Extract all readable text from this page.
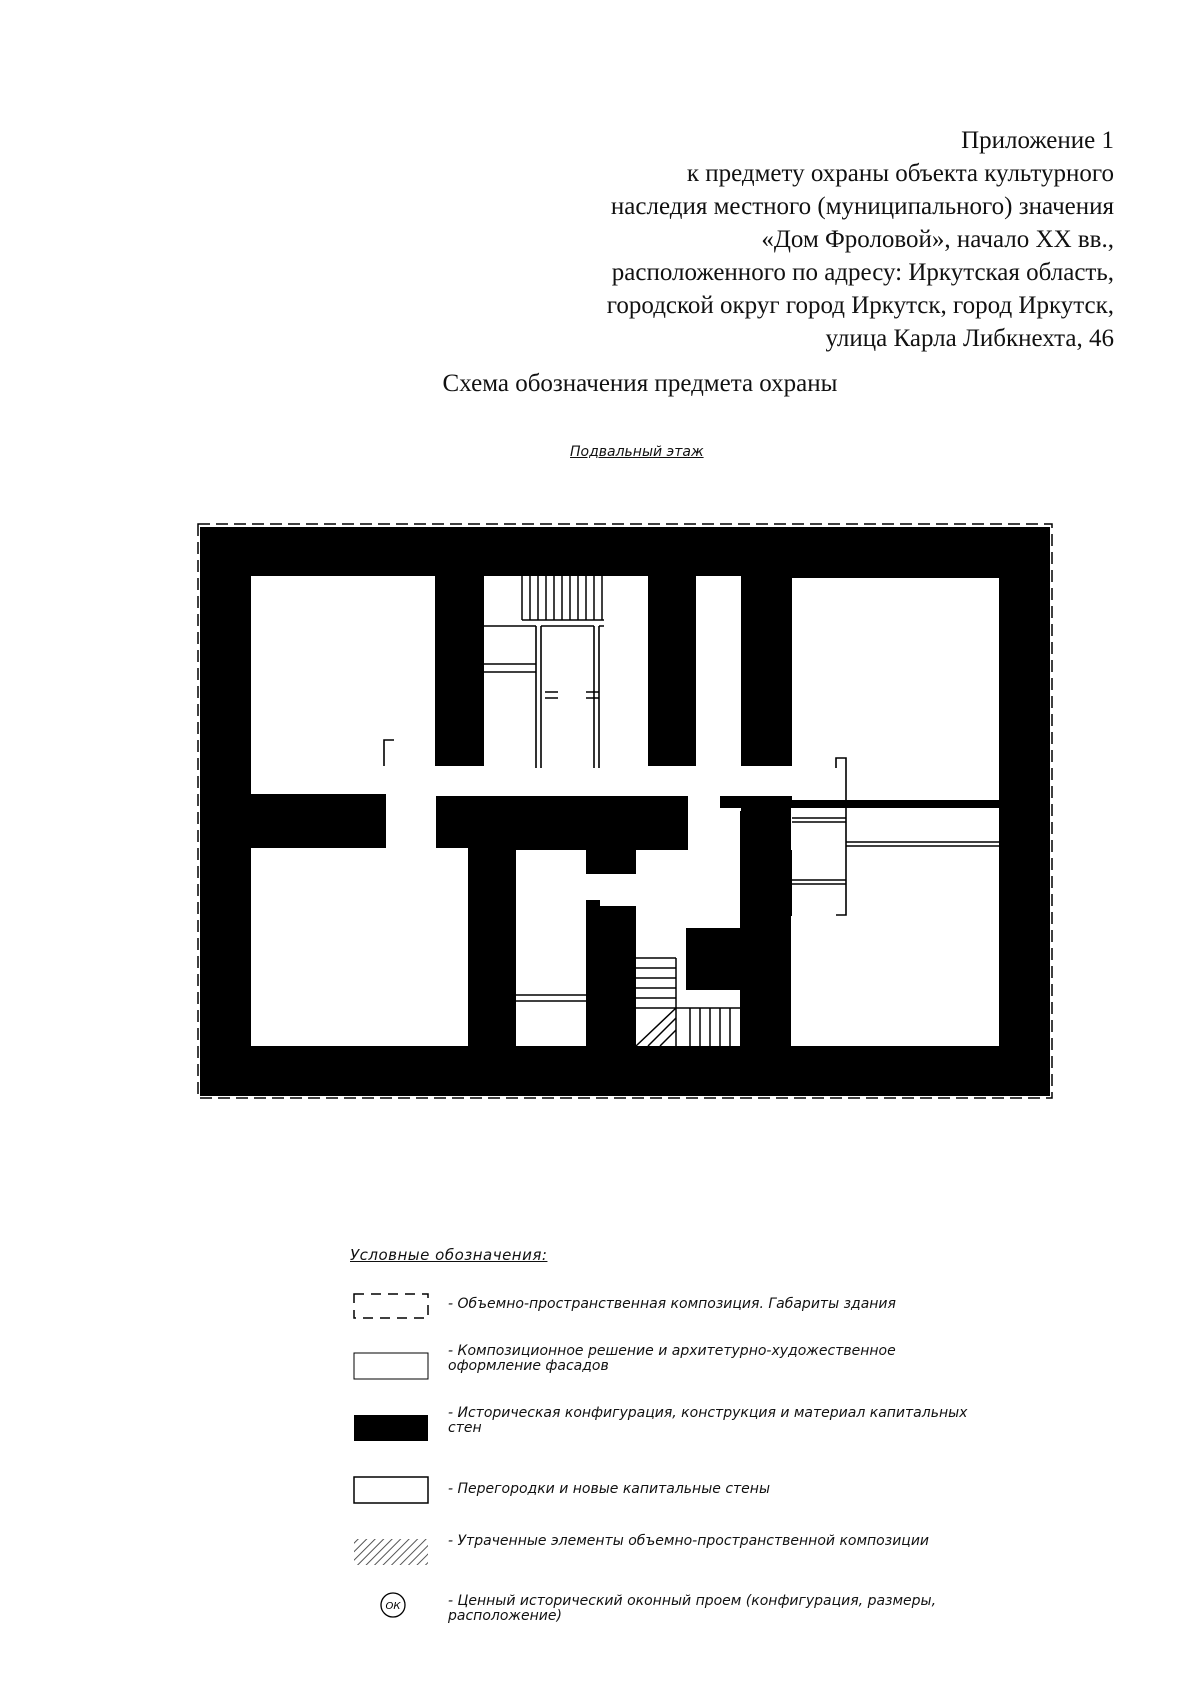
Приложение 1
к предмету охраны объекта культурного
наследия местного (муниципального) значения
«Дом Фроловой», начало XX вв.,
расположенного по адресу: Иркутская область,
городской округ город Иркутск, город Иркутск,
улица Карла Либкнехта, 46
Схема обозначения предмета охраны
Подвальный этаж
Условные обозначения:
- Объемно-пространственная композиция. Габариты здания
- Композиционное решение и архитетурно-художественное оформление фасадов
- Историческая конфигурация, конструкция и материал капитальных стен
- Перегородки и новые капитальные стены
- Утраченные элементы объемно-пространственной композиции
ОК	- Ценный исторический оконный проем (конфигурация, размеры, расположение)
